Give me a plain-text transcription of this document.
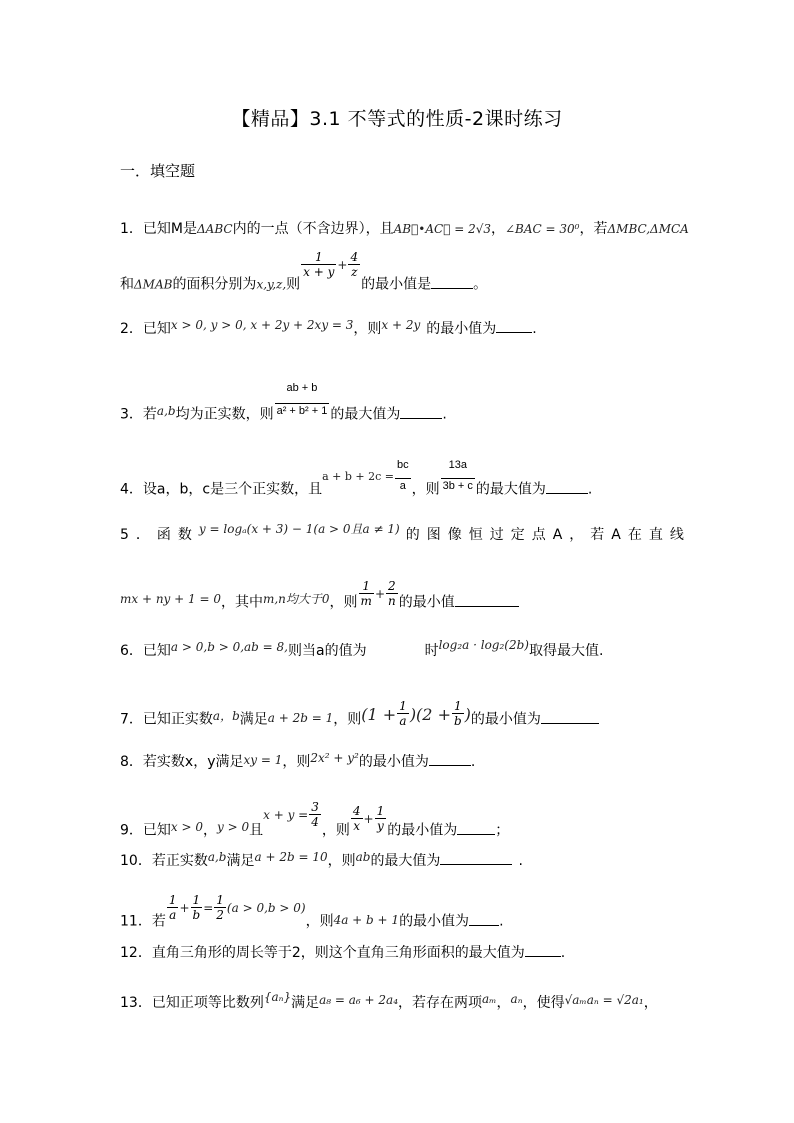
【精品】3.1 不等式的性质-2课时练习
一．填空题
1．已知M是ΔABC内的一点（不含边界），且AB⃗•AC⃗ = 2√3，∠BAC = 30⁰，若ΔMBC,ΔMCA
和ΔMAB的面积分别为x,y,z,则
$\frac{1}{x + y} + \frac{4}{z}$
的最小值是	。
2．已知x > 0, y > 0, x + 2y + 2xy = 3，则x + 2y 的最小值为	.
3．若a,b均为正实数，则 $\frac{ab + b}{\text{a² + b² + 1}}$ 的最大值为	.
4．设a，b，c是三个正实数，且$^{a + b + 2c =} \frac{bc}{a}$ ，则 $\frac{13a}{3b + c}$ 的最大值为	.
5．函数y = logₐ(x + 3) − 1(a > 0且a ≠ 1) 的图像恒过定点A，若A在直线
mx + ny + 1 = 0，其中m,n均大于0，则 $\frac{1}{m} + \frac{2}{n}$ 的最小值
6．已知a > 0,b > 0,ab = 8,则当a的值为	时log₂a · log₂(2b)取得最大值.
7．已知正实数a，b满足a + 2b = 1，则$(1 + \frac{1}{a} )(2 + \frac{1}{b}$ )的最小值为
8．若实数x，y满足xy = 1，则2x² + y²的最小值为	.
9．已知x > 0，y > 0且$x + y = \frac{3}{4}$
，则 $\frac{4}{x} + \frac{1}{y}$ 的最小值为	；
10．若正实数a,b满足a + 2b = 10，则ab的最大值为	.
11．若 $\frac{1}{a} + \frac{1}{b} = \frac{1}{2} (a > 0,b > 0)$，则4a + b + 1的最小值为 .
12．直角三角形的周长等于2，则这个直角三角形面积的最大值为	.
13．已知正项等比数列{aₙ}满足a₈ = a₆ + 2a₄，若存在两项aₘ，aₙ，使得√aₘaₙ = √2a₁，
